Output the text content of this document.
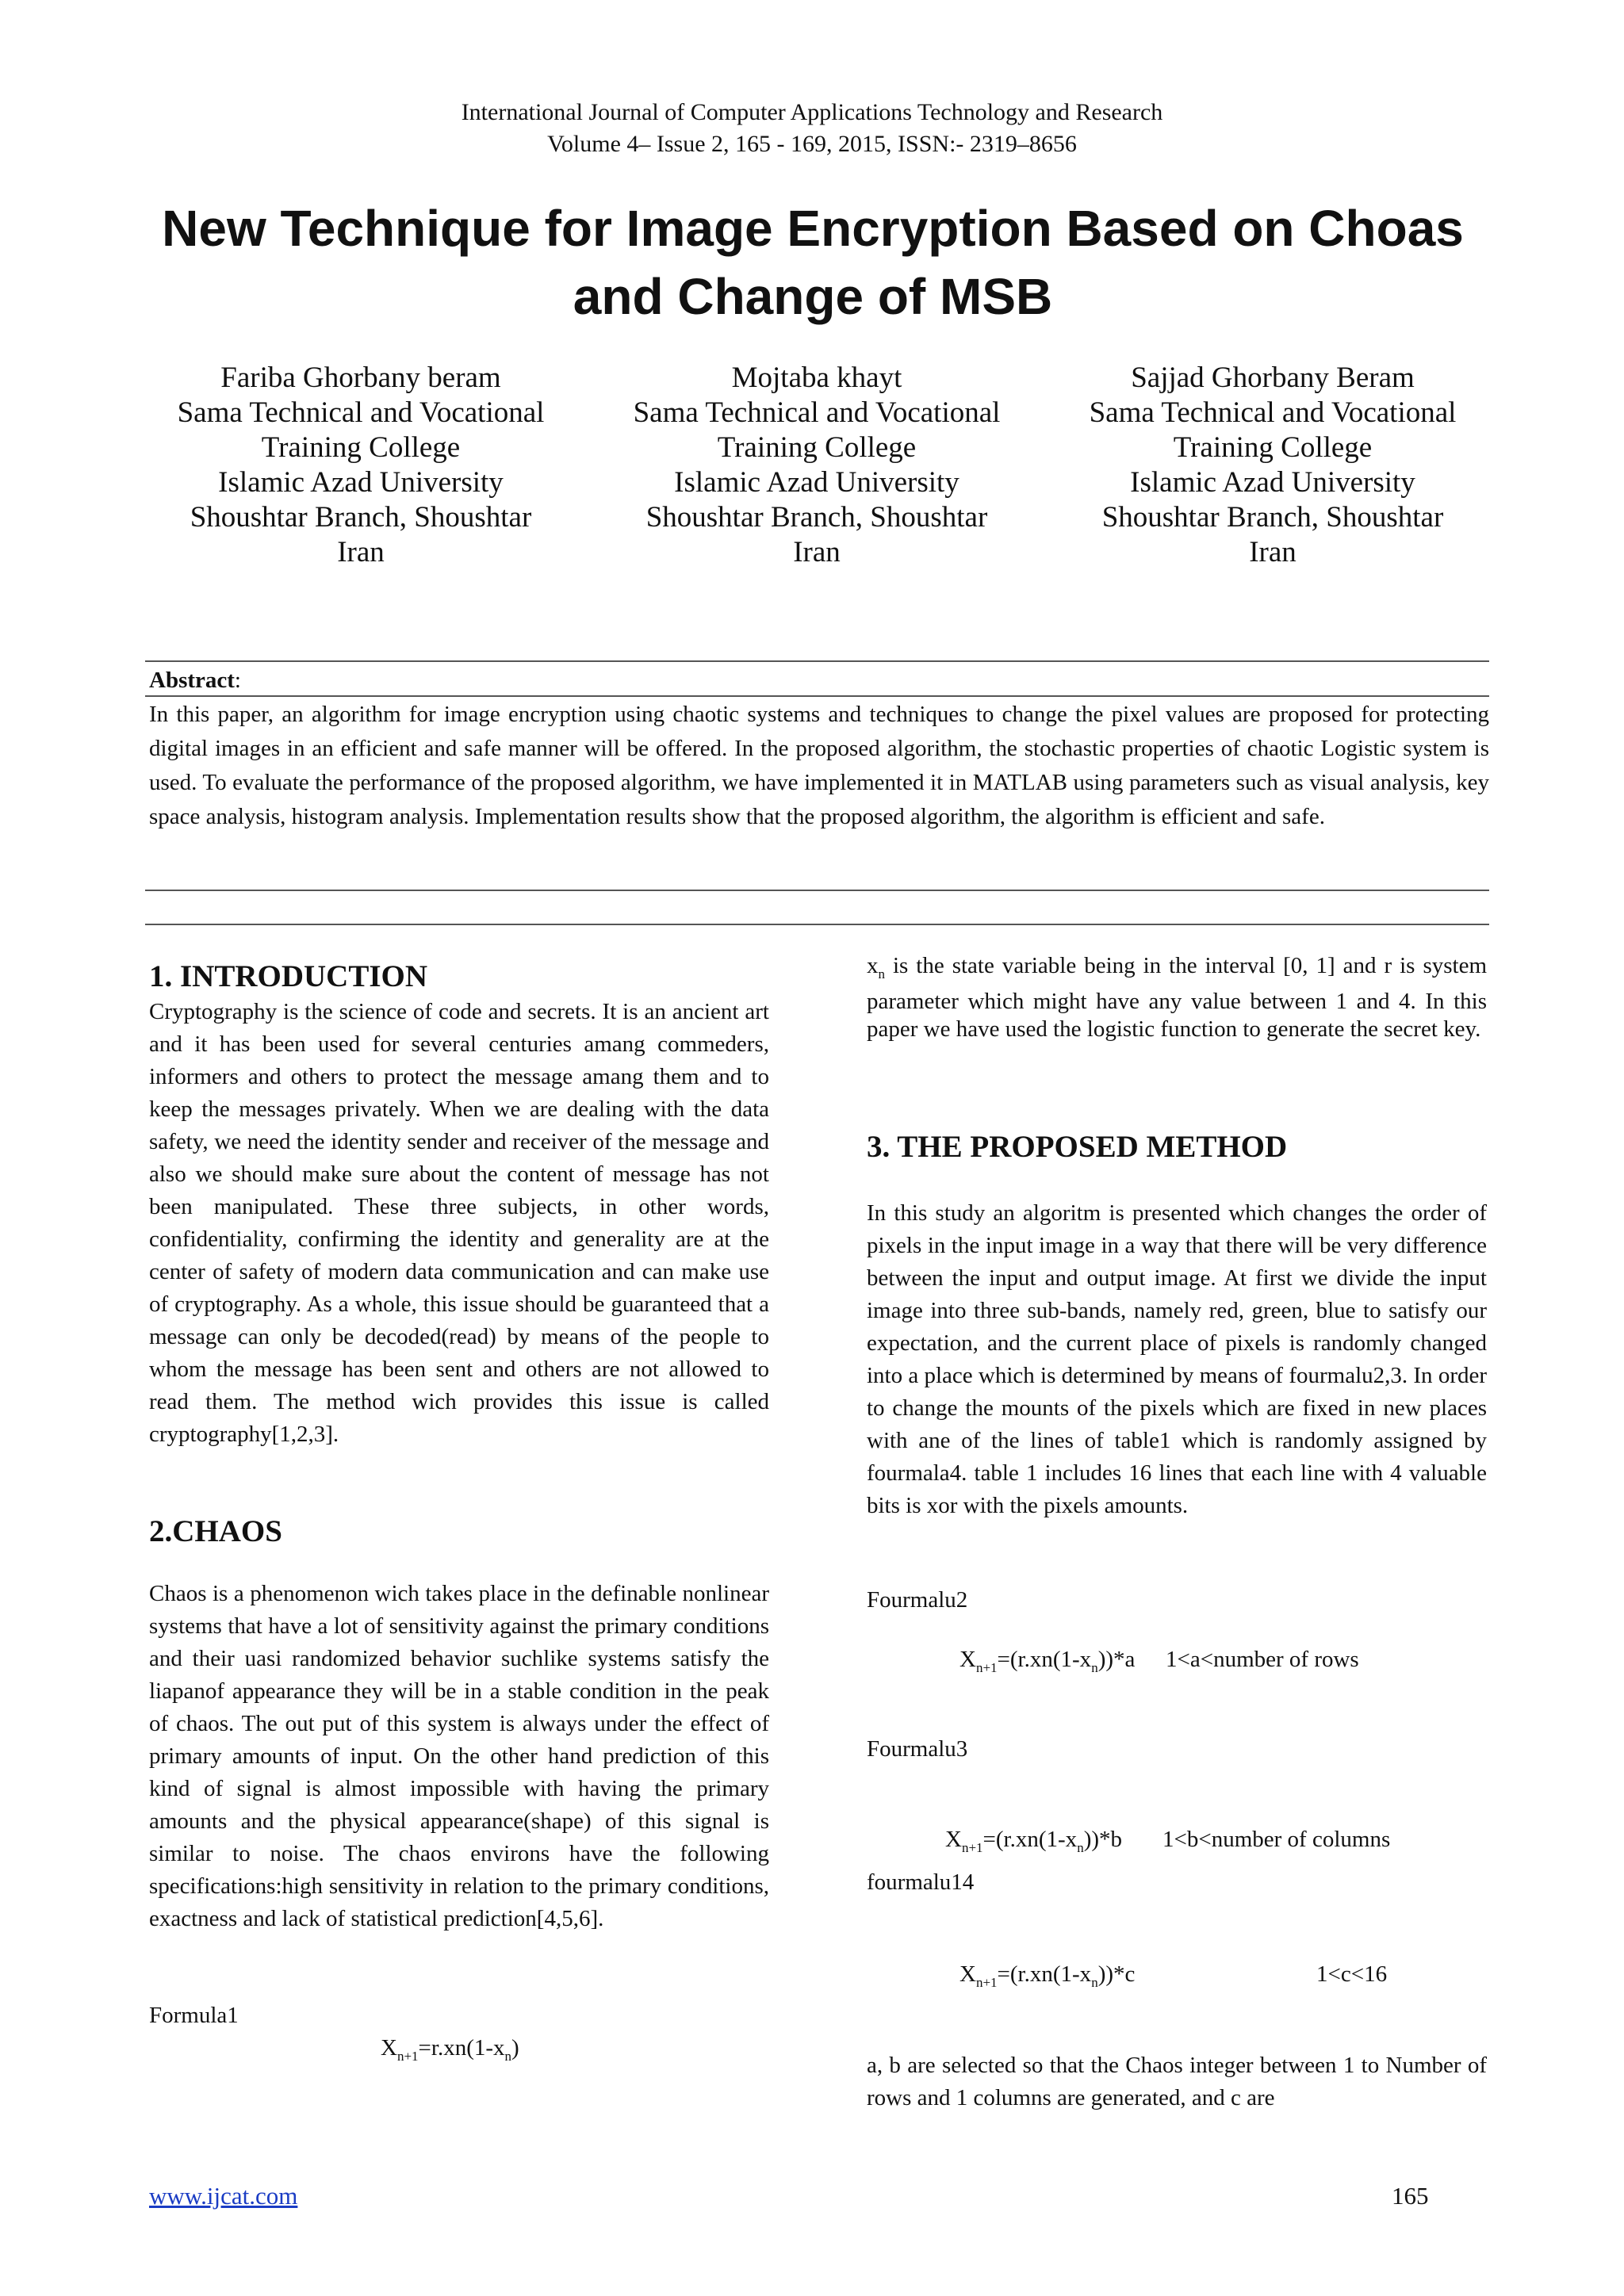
International Journal of Computer Applications Technology and Research
Volume 4– Issue 2, 165 - 169, 2015, ISSN:- 2319–8656
New Technique for Image Encryption Based on Choas
and Change of MSB
Fariba Ghorbany beram
Sama Technical and Vocational
Training College
Islamic Azad University
Shoushtar Branch, Shoushtar
Iran
Mojtaba khayt
Sama Technical and Vocational
Training College
Islamic Azad University
Shoushtar Branch, Shoushtar
Iran
Sajjad Ghorbany Beram
Sama Technical and Vocational
Training College
Islamic Azad University
Shoushtar Branch, Shoushtar
Iran
Abstract:
In this paper, an algorithm for image encryption using chaotic systems and techniques to change the pixel values are proposed for protecting digital images in an efficient and safe manner will be offered. In the proposed algorithm, the stochastic properties of chaotic Logistic system is used. To evaluate the performance of the proposed algorithm, we have implemented it in MATLAB using parameters such as visual analysis, key space analysis, histogram analysis. Implementation results show that the proposed algorithm, the algorithm is efficient and safe.
1. INTRODUCTION
Cryptography is the science of code and secrets. It is an ancient art and it has been used for several centuries amang commeders, informers and others to protect the message amang them and to keep the messages privately. When we are dealing with the data safety, we need the identity sender and receiver of the message and also we should make sure about the content of message has not been manipulated. These three subjects, in other words, confidentiality, confirming the identity and generality are at the center of safety of modern data communication and can make use of cryptography. As a whole, this issue should be guaranteed that a message can only be decoded(read) by means of the people to whom the message has been sent and others are not allowed to read them. The method wich provides this issue is called cryptography[1,2,3].
2.CHAOS
Chaos is a phenomenon wich takes place in the definable nonlinear systems that have a lot of sensitivity against the primary conditions and their uasi randomized behavior suchlike systems satisfy the liapanof appearance they will be in a stable condition in the peak of chaos. The out put of this system is always under the effect of primary amounts of input. On the other hand prediction of this kind of signal is almost impossible with having the primary amounts and the physical appearance(shape) of this signal is similar to noise. The chaos environs have the following specifications:high sensitivity in relation to the primary conditions, exactness and lack of statistical prediction[4,5,6].
Formula1
$X_{n+1}=r.xn(1-x_n)$
$x_n$ is the state variable being in the interval [0, 1] and r is system parameter which might have any value between 1 and 4. In this paper we have used the logistic function to generate the secret key.
3. THE PROPOSED METHOD
In this study an algoritm is presented which changes the order of pixels in the input image in a way that there will be very difference between the input and output image. At first we divide the input image into three sub-bands, namely red, green, blue to satisfy our expectation, and the current place of pixels is randomly changed into a place which is determined by means of fourmalu2,3. In order to change the mounts of the pixels which are fixed in new places with ane of the lines of table1 which is randomly assigned by fourmala4. table 1 includes 16 lines that each line with 4 valuable bits is xor with the pixels amounts.
Fourmalu2
$X_{n+1}=(r.xn(1-x_n))*a$ 1<a<number of rows
Fourmalu3
$X_{n+1}=(r.xn(1-x_n))*b$ 1<b<number of columns
fourmalu14
$X_{n+1}=(r.xn(1-x_n))*c$	1<c<16
a, b are selected so that the Chaos integer between 1 to Number of rows and 1 columns are generated, and c are
www.ijcat.com	165
